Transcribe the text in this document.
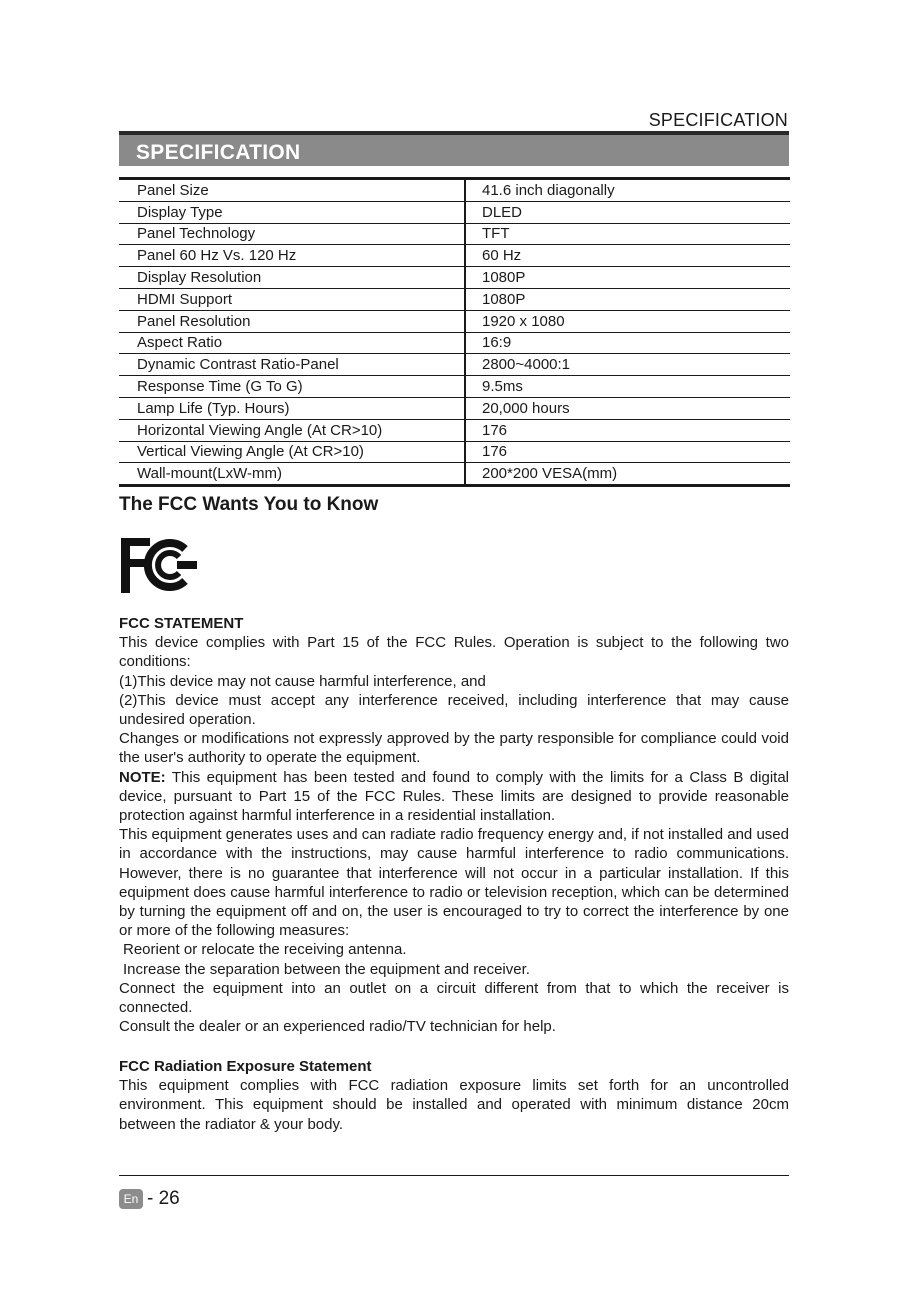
SPECIFICATION
SPECIFICATION
Panel Size	41.6 inch diagonally
Display Type	DLED
Panel Technology	TFT
Panel 60 Hz Vs. 120 Hz	60 Hz
Display Resolution	1080P
HDMI Support	1080P
Panel Resolution	1920 x 1080
Aspect Ratio	16:9
Dynamic Contrast Ratio-Panel	2800~4000:1
Response Time (G To G)	9.5ms
Lamp Life (Typ. Hours)	20,000 hours
Horizontal Viewing Angle (At CR>10)	176
Vertical Viewing Angle (At CR>10)	176
Wall-mount(LxW-mm)	200*200 VESA(mm)
The FCC Wants You to Know

FCC STATEMENT

This device complies with Part 15 of the FCC Rules. Operation is subject to the following two conditions:

(1)This device may not cause harmful interference, and

(2)This device must accept any interference received, including interference that may cause undesired operation.

Changes or modifications not expressly approved by the party responsible for compliance could void the user's authority to operate the equipment.

NOTE: This equipment has been tested and found to comply with the limits for a Class B digital device, pursuant to Part 15 of the FCC Rules. These limits are designed to provide reasonable protection against harmful interference in a residential installation.

This equipment generates uses and can radiate radio frequency energy and, if not installed and used in accordance with the instructions, may cause harmful interference to radio communications. However, there is no guarantee that interference will not occur in a particular installation. If this equipment does cause harmful interference to radio or television reception, which can be determined by turning the equipment off and on, the user is encouraged to try to correct the interference by one or more of the following measures:

Reorient or relocate the receiving antenna.

Increase the separation between the equipment and receiver.

Connect the equipment into an outlet on a circuit different from that to which the receiver is connected.

Consult the dealer or an experienced radio/TV technician for help.

FCC Radiation Exposure Statement

This equipment complies with FCC radiation exposure limits set forth for an uncontrolled environment. This equipment should be installed and operated with minimum distance 20cm between the radiator & your body.

En - 26
